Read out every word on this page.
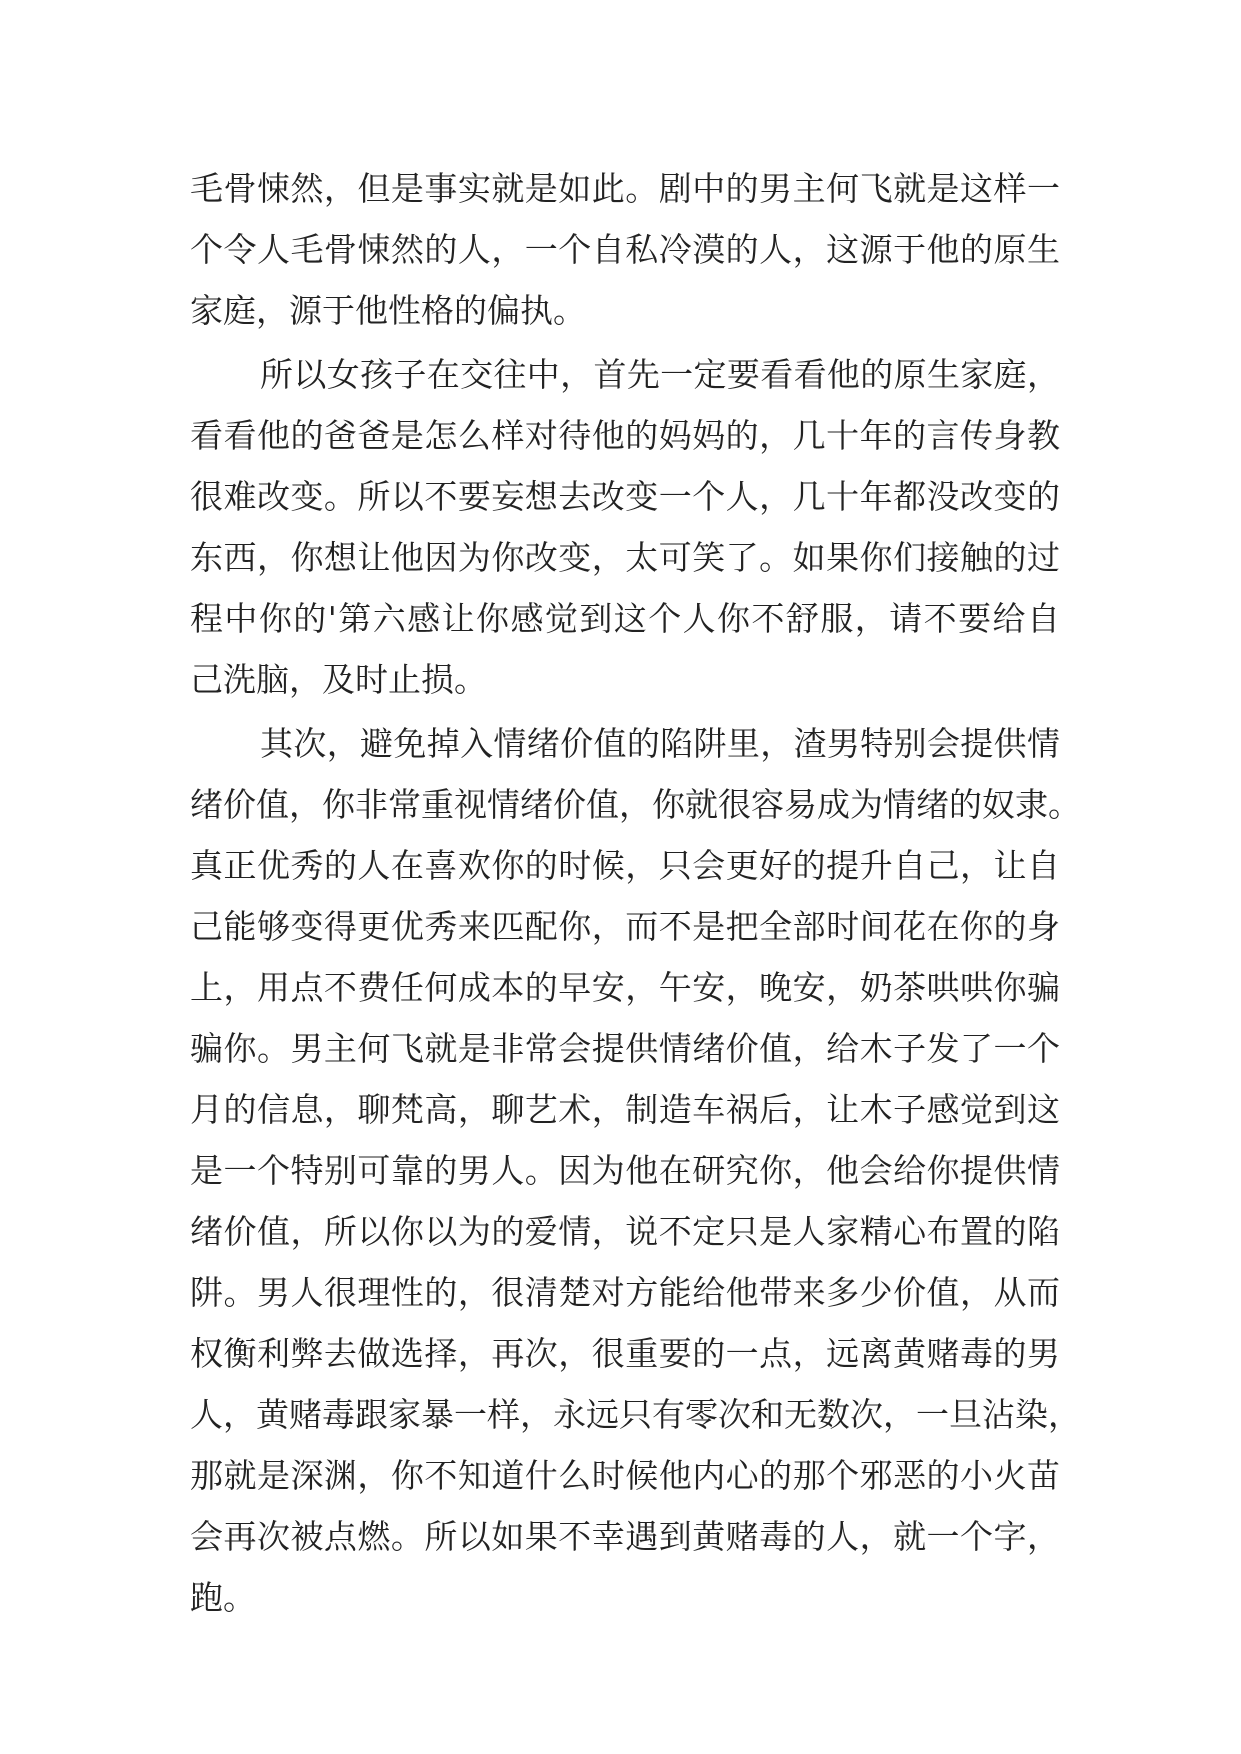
毛骨悚然，但是事实就是如此。剧中的男主何飞就是这样一
个令人毛骨悚然的人，一个自私冷漠的人，这源于他的原生
家庭，源于他性格的偏执。
所以女孩子在交往中，首先一定要看看他的原生家庭，
看看他的爸爸是怎么样对待他的妈妈的，几十年的言传身教
很难改变。所以不要妄想去改变一个人，几十年都没改变的
东西，你想让他因为你改变，太可笑了。如果你们接触的过
程中你的'第六感让你感觉到这个人你不舒服，请不要给自
己洗脑，及时止损。
其次，避免掉入情绪价值的陷阱里，渣男特别会提供情
绪价值，你非常重视情绪价值，你就很容易成为情绪的奴隶。
真正优秀的人在喜欢你的时候，只会更好的提升自己，让自
己能够变得更优秀来匹配你，而不是把全部时间花在你的身
上，用点不费任何成本的早安，午安，晚安，奶茶哄哄你骗
骗你。男主何飞就是非常会提供情绪价值，给木子发了一个
月的信息，聊梵高，聊艺术，制造车祸后，让木子感觉到这
是一个特别可靠的男人。因为他在研究你，他会给你提供情
绪价值，所以你以为的爱情，说不定只是人家精心布置的陷
阱。男人很理性的，很清楚对方能给他带来多少价值，从而
权衡利弊去做选择，再次，很重要的一点，远离黄赌毒的男
人，黄赌毒跟家暴一样，永远只有零次和无数次，一旦沾染，
那就是深渊，你不知道什么时候他内心的那个邪恶的小火苗
会再次被点燃。所以如果不幸遇到黄赌毒的人，就一个字，
跑。
